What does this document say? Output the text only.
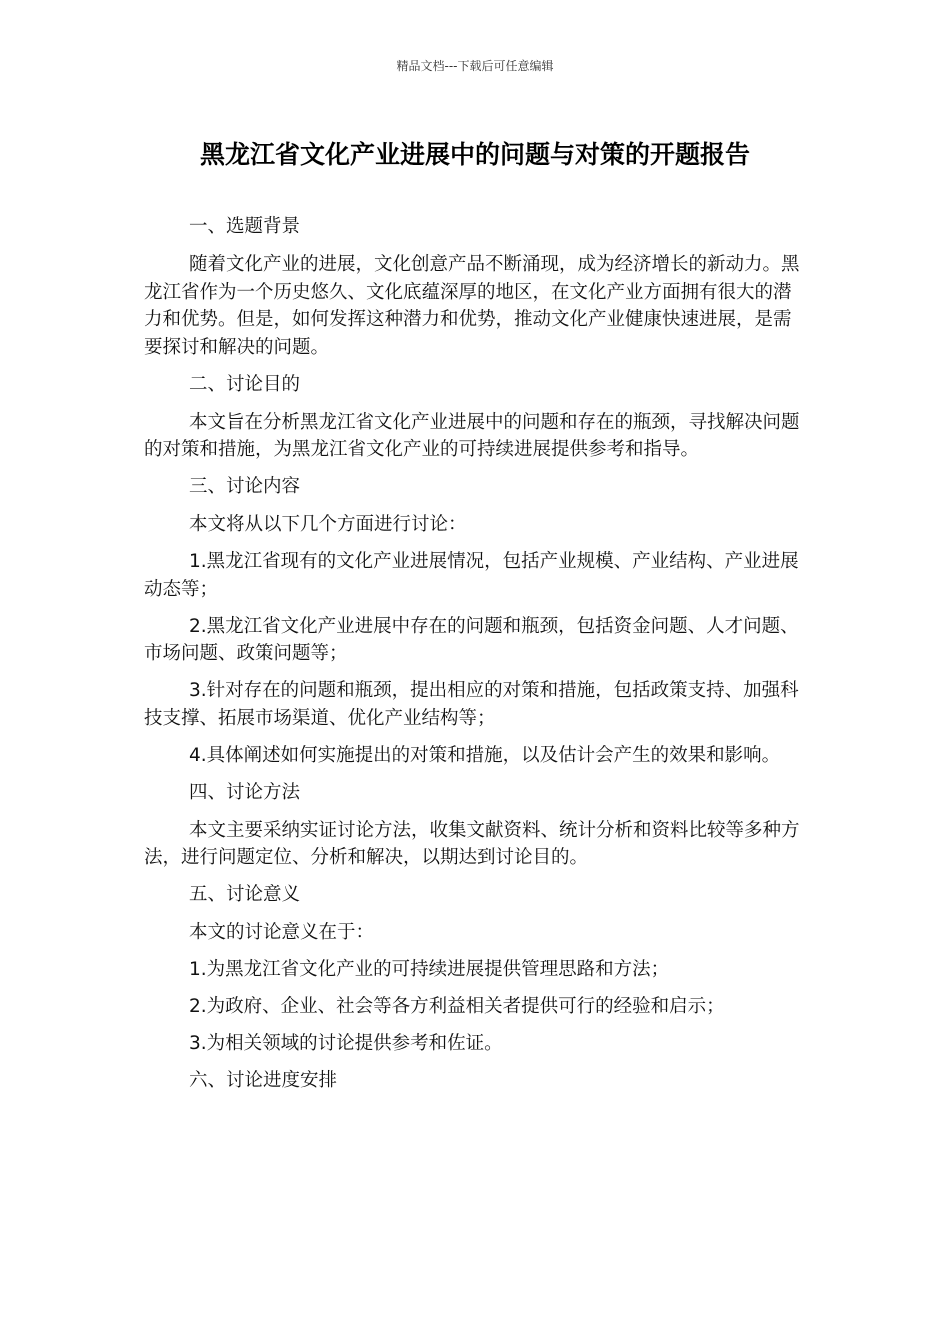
精品文档---下载后可任意编辑
黑龙江省文化产业进展中的问题与对策的开题报告

一、选题背景

随着文化产业的进展，文化创意产品不断涌现，成为经济增长的新动力。黑龙江省作为一个历史悠久、文化底蕴深厚的地区，在文化产业方面拥有很大的潜力和优势。但是，如何发挥这种潜力和优势，推动文化产业健康快速进展，是需要探讨和解决的问题。

二、讨论目的

本文旨在分析黑龙江省文化产业进展中的问题和存在的瓶颈，寻找解决问题的对策和措施，为黑龙江省文化产业的可持续进展提供参考和指导。

三、讨论内容

本文将从以下几个方面进行讨论：

1.黑龙江省现有的文化产业进展情况，包括产业规模、产业结构、产业进展动态等；

2.黑龙江省文化产业进展中存在的问题和瓶颈，包括资金问题、人才问题、市场问题、政策问题等；

3.针对存在的问题和瓶颈，提出相应的对策和措施，包括政策支持、加强科技支撑、拓展市场渠道、优化产业结构等；

4.具体阐述如何实施提出的对策和措施，以及估计会产生的效果和影响。

四、讨论方法

本文主要采纳实证讨论方法，收集文献资料、统计分析和资料比较等多种方法，进行问题定位、分析和解决，以期达到讨论目的。

五、讨论意义

本文的讨论意义在于：

1.为黑龙江省文化产业的可持续进展提供管理思路和方法；

2.为政府、企业、社会等各方利益相关者提供可行的经验和启示；

3.为相关领域的讨论提供参考和佐证。

六、讨论进度安排
